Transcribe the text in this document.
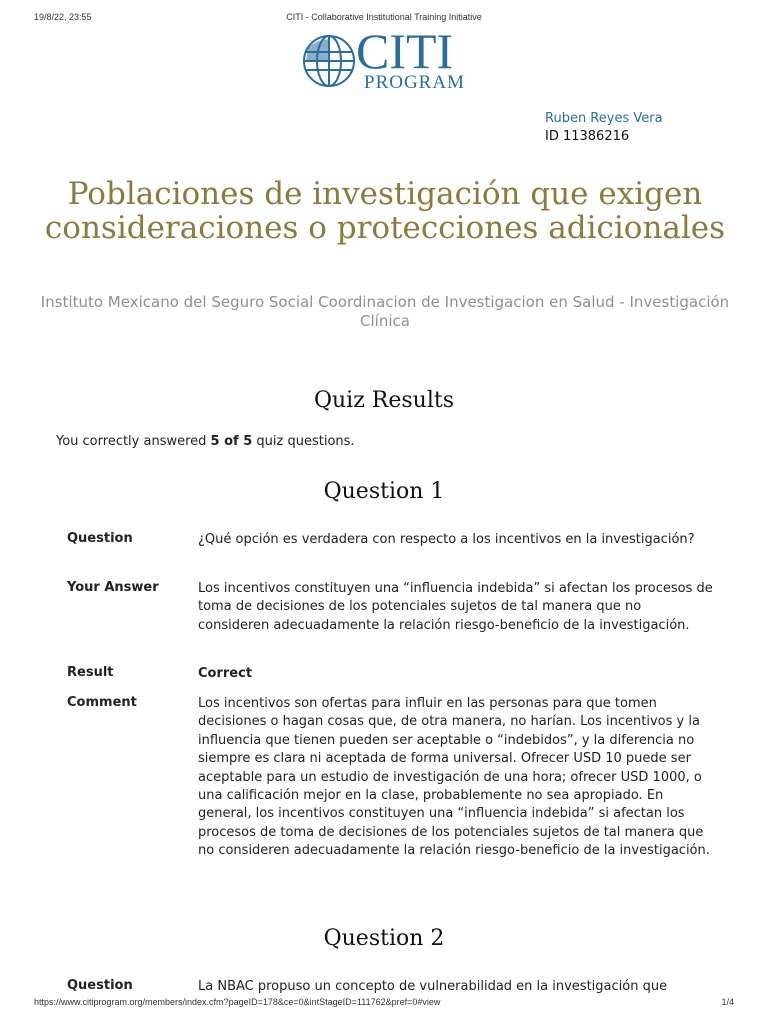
19/8/22, 23:55	CITI - Collaborative Institutional Training Initiative
CITI
PROGRAM
Ruben Reyes Vera
ID 11386216
Poblaciones de investigación que exigen consideraciones o protecciones adicionales
Instituto Mexicano del Seguro Social Coordinacion de Investigacion en Salud - Investigación Clínica
Quiz Results
You correctly answered 5 of 5 quiz questions.
Question 1
Question	¿Qué opción es verdadera con respecto a los incentivos en la investigación?
Your Answer	Los incentivos constituyen una “influencia indebida” si afectan los procesos de toma de decisiones de los potenciales sujetos de tal manera que no consideren adecuadamente la relación riesgo-beneficio de la investigación.
Result	Correct
Comment	Los incentivos son ofertas para influir en las personas para que tomen decisiones o hagan cosas que, de otra manera, no harían. Los incentivos y la influencia que tienen pueden ser aceptable o “indebidos”, y la diferencia no siempre es clara ni aceptada de forma universal. Ofrecer USD 10 puede ser aceptable para un estudio de investigación de una hora; ofrecer USD 1000, o una calificación mejor en la clase, probablemente no sea apropiado. En general, los incentivos constituyen una “influencia indebida” si afectan los procesos de toma de decisiones de los potenciales sujetos de tal manera que no consideren adecuadamente la relación riesgo-beneficio de la investigación.
Question 2
Question	La NBAC propuso un concepto de vulnerabilidad en la investigación que
https://www.citiprogram.org/members/index.cfm?pageID=178&ce=0&intStageID=111762&pref=0#view	1/4
